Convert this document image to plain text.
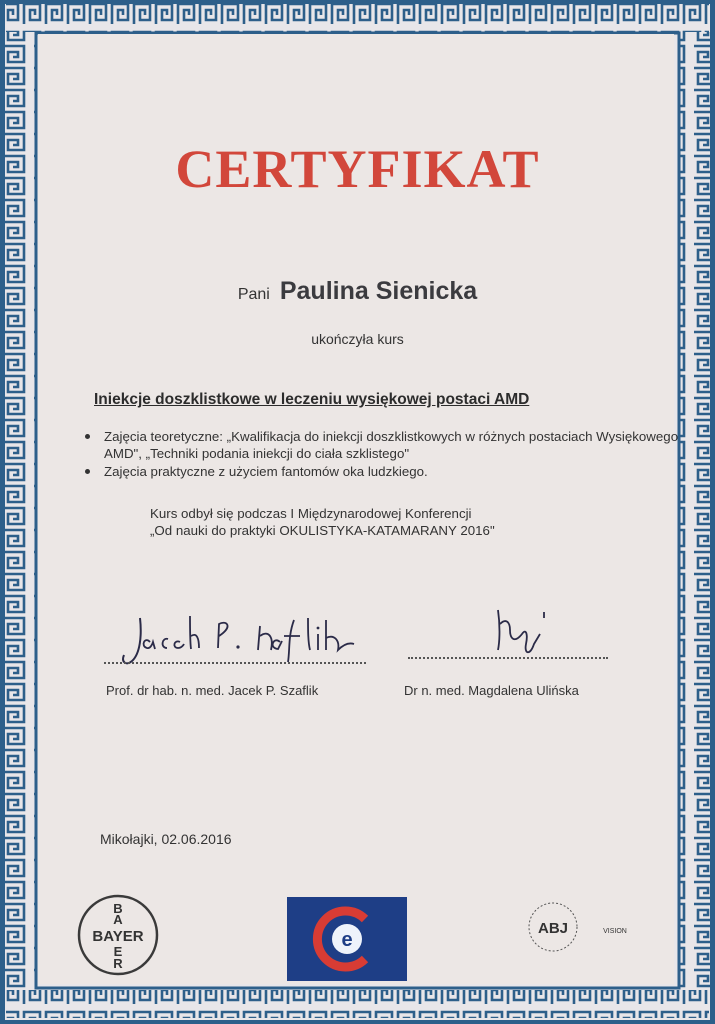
CERTYFIKAT
Pani Paulina Sienicka
ukończyła kurs
Iniekcje doszklistkowe w leczeniu wysiękowej postaci AMD
Zajęcia teoretyczne: „Kwalifikacja do iniekcji doszklistkowych w różnych postaciach Wysiękowego AMD", „Techniki podania iniekcji do ciała szklistego"
Zajęcia praktyczne z użyciem fantomów oka ludzkiego.
Kurs odbył się podczas I Międzynarodowej Konferencji
„Od nauki do praktyki OKULISTYKA-KATAMARANY 2016"
Prof. dr hab. n. med. Jacek P. Szaflik	Dr n. med. Magdalena Ulińska
Mikołajki, 02.06.2016
BAYER
B
A
E
R
e
ABJ	VISION
